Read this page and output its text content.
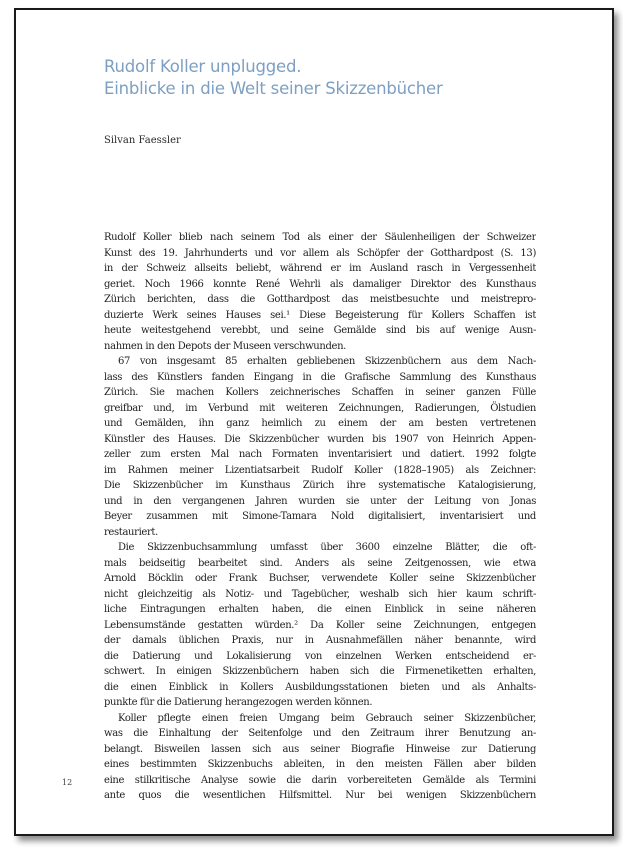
Rudolf Koller unplugged.
Einblicke in die Welt seiner Skizzenbücher
Silvan Faessler
Rudolf Koller blieb nach seinem Tod als einer der Säulenheiligen der Schweizer
Kunst des 19. Jahrhunderts und vor allem als Schöpfer der Gotthardpost (S. 13)
in der Schweiz allseits beliebt, während er im Ausland rasch in Vergessenheit
geriet. Noch 1966 konnte René Wehrli als damaliger Direktor des Kunsthaus
Zürich berichten, dass die Gotthardpost das meistbesuchte und meistrepro-
duzierte Werk seines Hauses sei.¹ Diese Begeisterung für Kollers Schaffen ist
heute weitestgehend verebbt, und seine Gemälde sind bis auf wenige Ausn-
nahmen in den Depots der Museen verschwunden.
67 von insgesamt 85 erhalten gebliebenen Skizzenbüchern aus dem Nach-
lass des Künstlers fanden Eingang in die Grafische Sammlung des Kunsthaus
Zürich. Sie machen Kollers zeichnerisches Schaffen in seiner ganzen Fülle
greifbar und, im Verbund mit weiteren Zeichnungen, Radierungen, Ölstudien
und Gemälden, ihn ganz heimlich zu einem der am besten vertretenen
Künstler des Hauses. Die Skizzenbücher wurden bis 1907 von Heinrich Appen-
zeller zum ersten Mal nach Formaten inventarisiert und datiert. 1992 folgte
im Rahmen meiner Lizentiatsarbeit Rudolf Koller (1828–1905) als Zeichner:
Die Skizzenbücher im Kunsthaus Zürich ihre systematische Katalogisierung,
und in den vergangenen Jahren wurden sie unter der Leitung von Jonas
Beyer zusammen mit Simone-Tamara Nold digitalisiert, inventarisiert und
restauriert.
Die Skizzenbuchsammlung umfasst über 3600 einzelne Blätter, die oft-
mals beidseitig bearbeitet sind. Anders als seine Zeitgenossen, wie etwa
Arnold Böcklin oder Frank Buchser, verwendete Koller seine Skizzenbücher
nicht gleichzeitig als Notiz- und Tagebücher, weshalb sich hier kaum schrift-
liche Eintragungen erhalten haben, die einen Einblick in seine näheren
Lebensumstände gestatten würden.² Da Koller seine Zeichnungen, entgegen
der damals üblichen Praxis, nur in Ausnahmefällen näher benannte, wird
die Datierung und Lokalisierung von einzelnen Werken entscheidend er-
schwert. In einigen Skizzenbüchern haben sich die Firmenetiketten erhalten,
die einen Einblick in Kollers Ausbildungsstationen bieten und als Anhalts-
punkte für die Datierung herangezogen werden können.
Koller pflegte einen freien Umgang beim Gebrauch seiner Skizzenbücher,
was die Einhaltung der Seitenfolge und den Zeitraum ihrer Benutzung an-
belangt. Bisweilen lassen sich aus seiner Biografie Hinweise zur Datierung
eines bestimmten Skizzenbuchs ableiten, in den meisten Fällen aber bilden
eine stilkritische Analyse sowie die darin vorbereiteten Gemälde als Termini
ante quos die wesentlichen Hilfsmittel. Nur bei wenigen Skizzenbüchern
12
